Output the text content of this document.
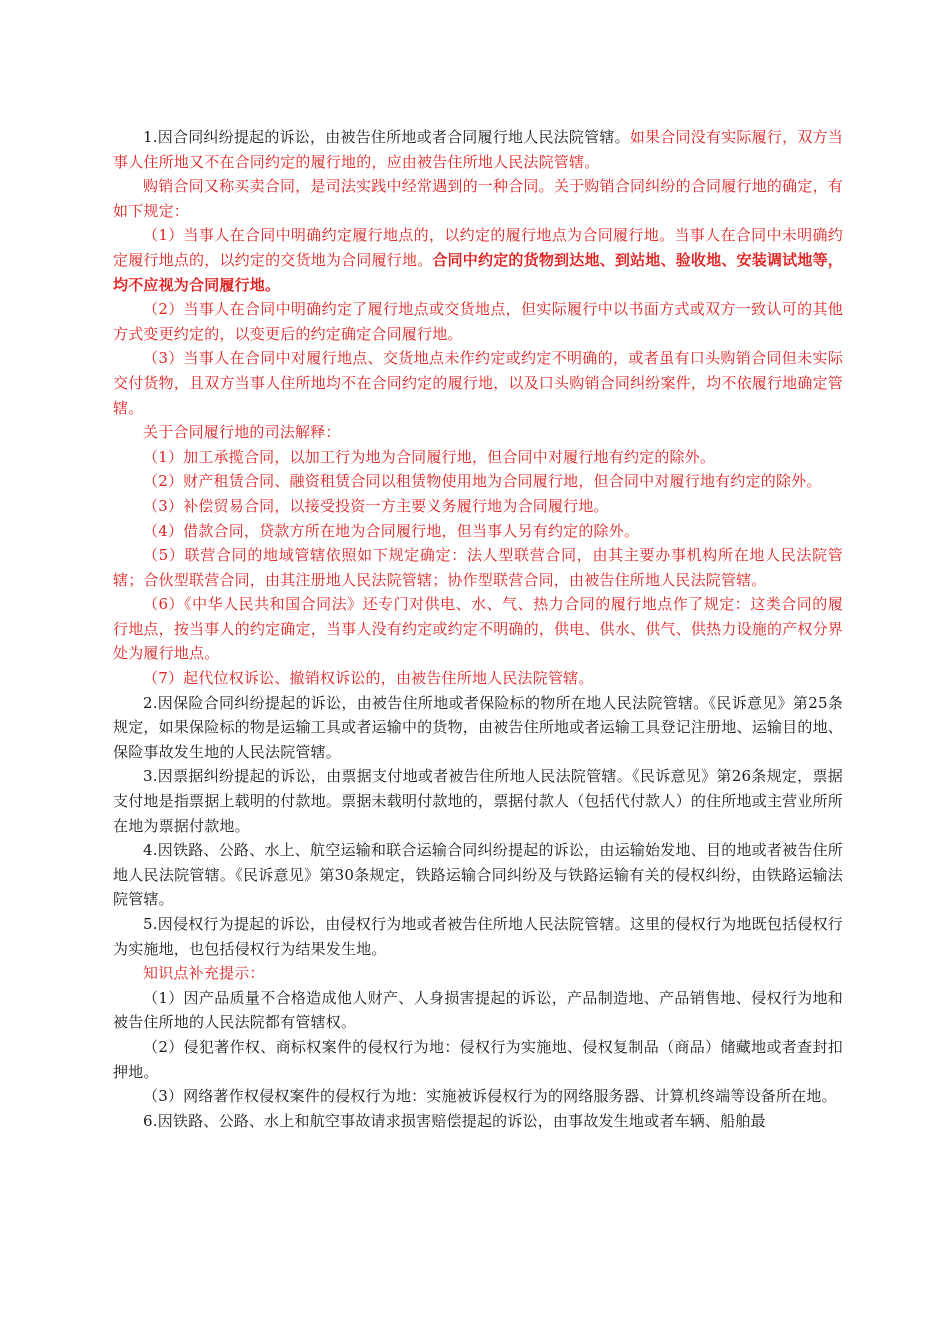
1.因合同纠纷提起的诉讼，由被告住所地或者合同履行地人民法院管辖。如果合同没有实际履行，双方当事人住所地又不在合同约定的履行地的，应由被告住所地人民法院管辖。

购销合同又称买卖合同，是司法实践中经常遇到的一种合同。关于购销合同纠纷的合同履行地的确定，有如下规定：

（1）当事人在合同中明确约定履行地点的，以约定的履行地点为合同履行地。当事人在合同中未明确约定履行地点的，以约定的交货地为合同履行地。合同中约定的货物到达地、到站地、验收地、安装调试地等，均不应视为合同履行地。

（2）当事人在合同中明确约定了履行地点或交货地点，但实际履行中以书面方式或双方一致认可的其他方式变更约定的，以变更后的约定确定合同履行地。

（3）当事人在合同中对履行地点、交货地点未作约定或约定不明确的，或者虽有口头购销合同但未实际交付货物，且双方当事人住所地均不在合同约定的履行地，以及口头购销合同纠纷案件，均不依履行地确定管辖。

关于合同履行地的司法解释：

（1）加工承揽合同，以加工行为地为合同履行地，但合同中对履行地有约定的除外。

（2）财产租赁合同、融资租赁合同以租赁物使用地为合同履行地，但合同中对履行地有约定的除外。

（3）补偿贸易合同，以接受投资一方主要义务履行地为合同履行地。

（4）借款合同，贷款方所在地为合同履行地，但当事人另有约定的除外。

（5）联营合同的地域管辖依照如下规定确定：法人型联营合同，由其主要办事机构所在地人民法院管辖；合伙型联营合同，由其注册地人民法院管辖；协作型联营合同，由被告住所地人民法院管辖。

（6）《中华人民共和国合同法》还专门对供电、水、气、热力合同的履行地点作了规定：这类合同的履行地点，按当事人的约定确定，当事人没有约定或约定不明确的，供电、供水、供气、供热力设施的产权分界处为履行地点。

（7）起代位权诉讼、撤销权诉讼的，由被告住所地人民法院管辖。

2.因保险合同纠纷提起的诉讼，由被告住所地或者保险标的物所在地人民法院管辖。《民诉意见》第25条规定，如果保险标的物是运输工具或者运输中的货物，由被告住所地或者运输工具登记注册地、运输目的地、保险事故发生地的人民法院管辖。

3.因票据纠纷提起的诉讼，由票据支付地或者被告住所地人民法院管辖。《民诉意见》第26条规定，票据支付地是指票据上载明的付款地。票据未载明付款地的，票据付款人（包括代付款人）的住所地或主营业所所在地为票据付款地。

4.因铁路、公路、水上、航空运输和联合运输合同纠纷提起的诉讼，由运输始发地、目的地或者被告住所地人民法院管辖。《民诉意见》第30条规定，铁路运输合同纠纷及与铁路运输有关的侵权纠纷，由铁路运输法院管辖。

5.因侵权行为提起的诉讼，由侵权行为地或者被告住所地人民法院管辖。这里的侵权行为地既包括侵权行为实施地，也包括侵权行为结果发生地。

知识点补充提示：

（1）因产品质量不合格造成他人财产、人身损害提起的诉讼，产品制造地、产品销售地、侵权行为地和被告住所地的人民法院都有管辖权。

（2）侵犯著作权、商标权案件的侵权行为地：侵权行为实施地、侵权复制品（商品）储藏地或者查封扣押地。

（3）网络著作权侵权案件的侵权行为地：实施被诉侵权行为的网络服务器、计算机终端等设备所在地。

6.因铁路、公路、水上和航空事故请求损害赔偿提起的诉讼，由事故发生地或者车辆、船舶最
